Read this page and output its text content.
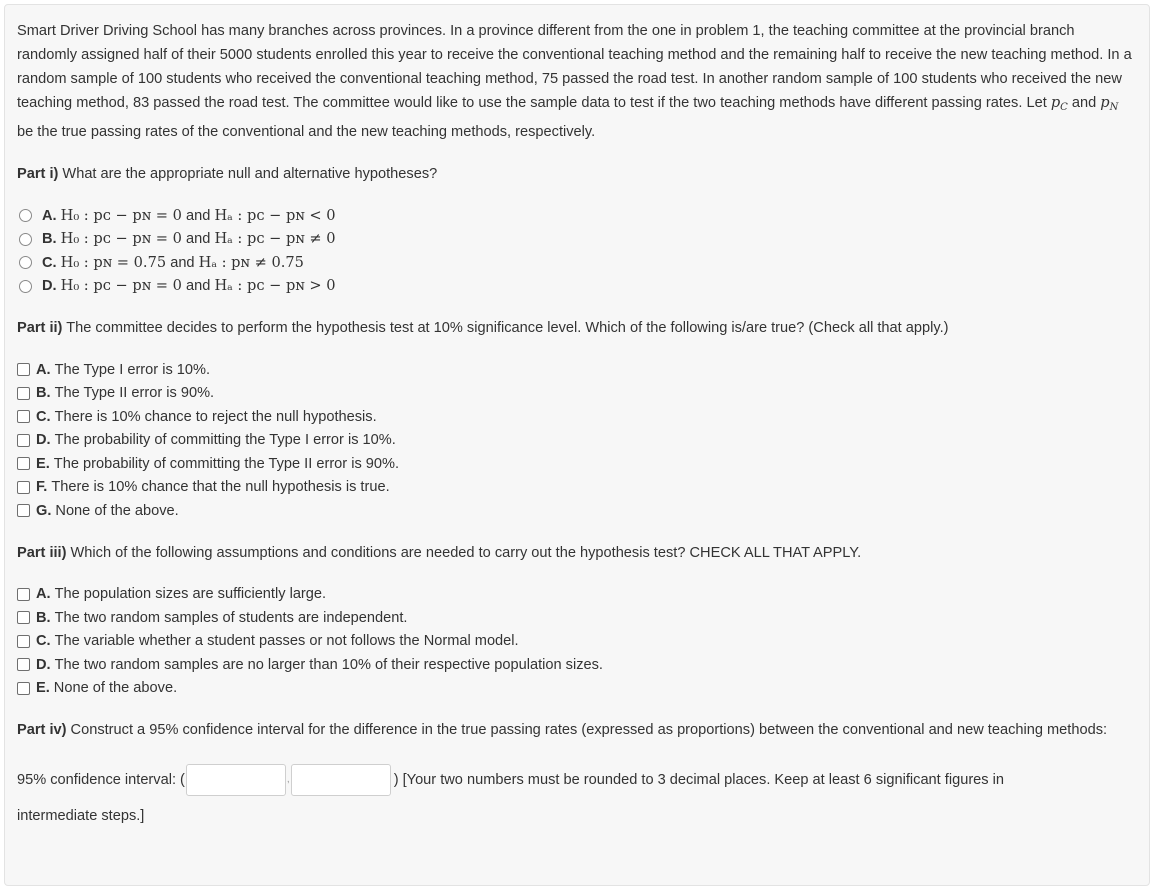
Smart Driver Driving School has many branches across provinces. In a province different from the one in problem 1, the teaching committee at the provincial branch randomly assigned half of their 5000 students enrolled this year to receive the conventional teaching method and the remaining half to receive the new teaching method. In a random sample of 100 students who received the conventional teaching method, 75 passed the road test. In another random sample of 100 students who received the new teaching method, 83 passed the road test. The committee would like to use the sample data to test if the two teaching methods have different passing rates. Let $p_C$ and $p_N$ be the true passing rates of the conventional and the new teaching methods, respectively.

Part i) What are the appropriate null and alternative hypotheses?

A. H₀ : pᴄ − pɴ = 0
and
Hₐ : pᴄ − pɴ < 0
B. H₀ : pᴄ − pɴ = 0
and
Hₐ : pᴄ − pɴ ≠ 0
C. H₀ : pɴ = 0.75
and
Hₐ : pɴ ≠ 0.75
D. H₀ : pᴄ − pɴ = 0
and
Hₐ : pᴄ − pɴ > 0

Part ii) The committee decides to perform the hypothesis test at 10% significance level. Which of the following is/are true? (Check all that apply.)

A. The Type I error is 10%.
B. The Type II error is 90%.
C. There is 10% chance to reject the null hypothesis.
D. The probability of committing the Type I error is 10%.
E. The probability of committing the Type II error is 90%.
F. There is 10% chance that the null hypothesis is true.
G. None of the above.

Part iii) Which of the following assumptions and conditions are needed to carry out the hypothesis test? CHECK ALL THAT APPLY.

A. The population sizes are sufficiently large.
B. The two random samples of students are independent.
C. The variable whether a student passes or not follows the Normal model.
D. The two random samples are no larger than 10% of their respective population sizes.
E. None of the above.

Part iv) Construct a 95% confidence interval for the difference in the true passing rates (expressed as proportions) between the conventional and new teaching methods:

95% confidence interval: (	,	) [Your two numbers must be rounded to 3 decimal places. Keep at least 6 significant figures in

intermediate steps.]
